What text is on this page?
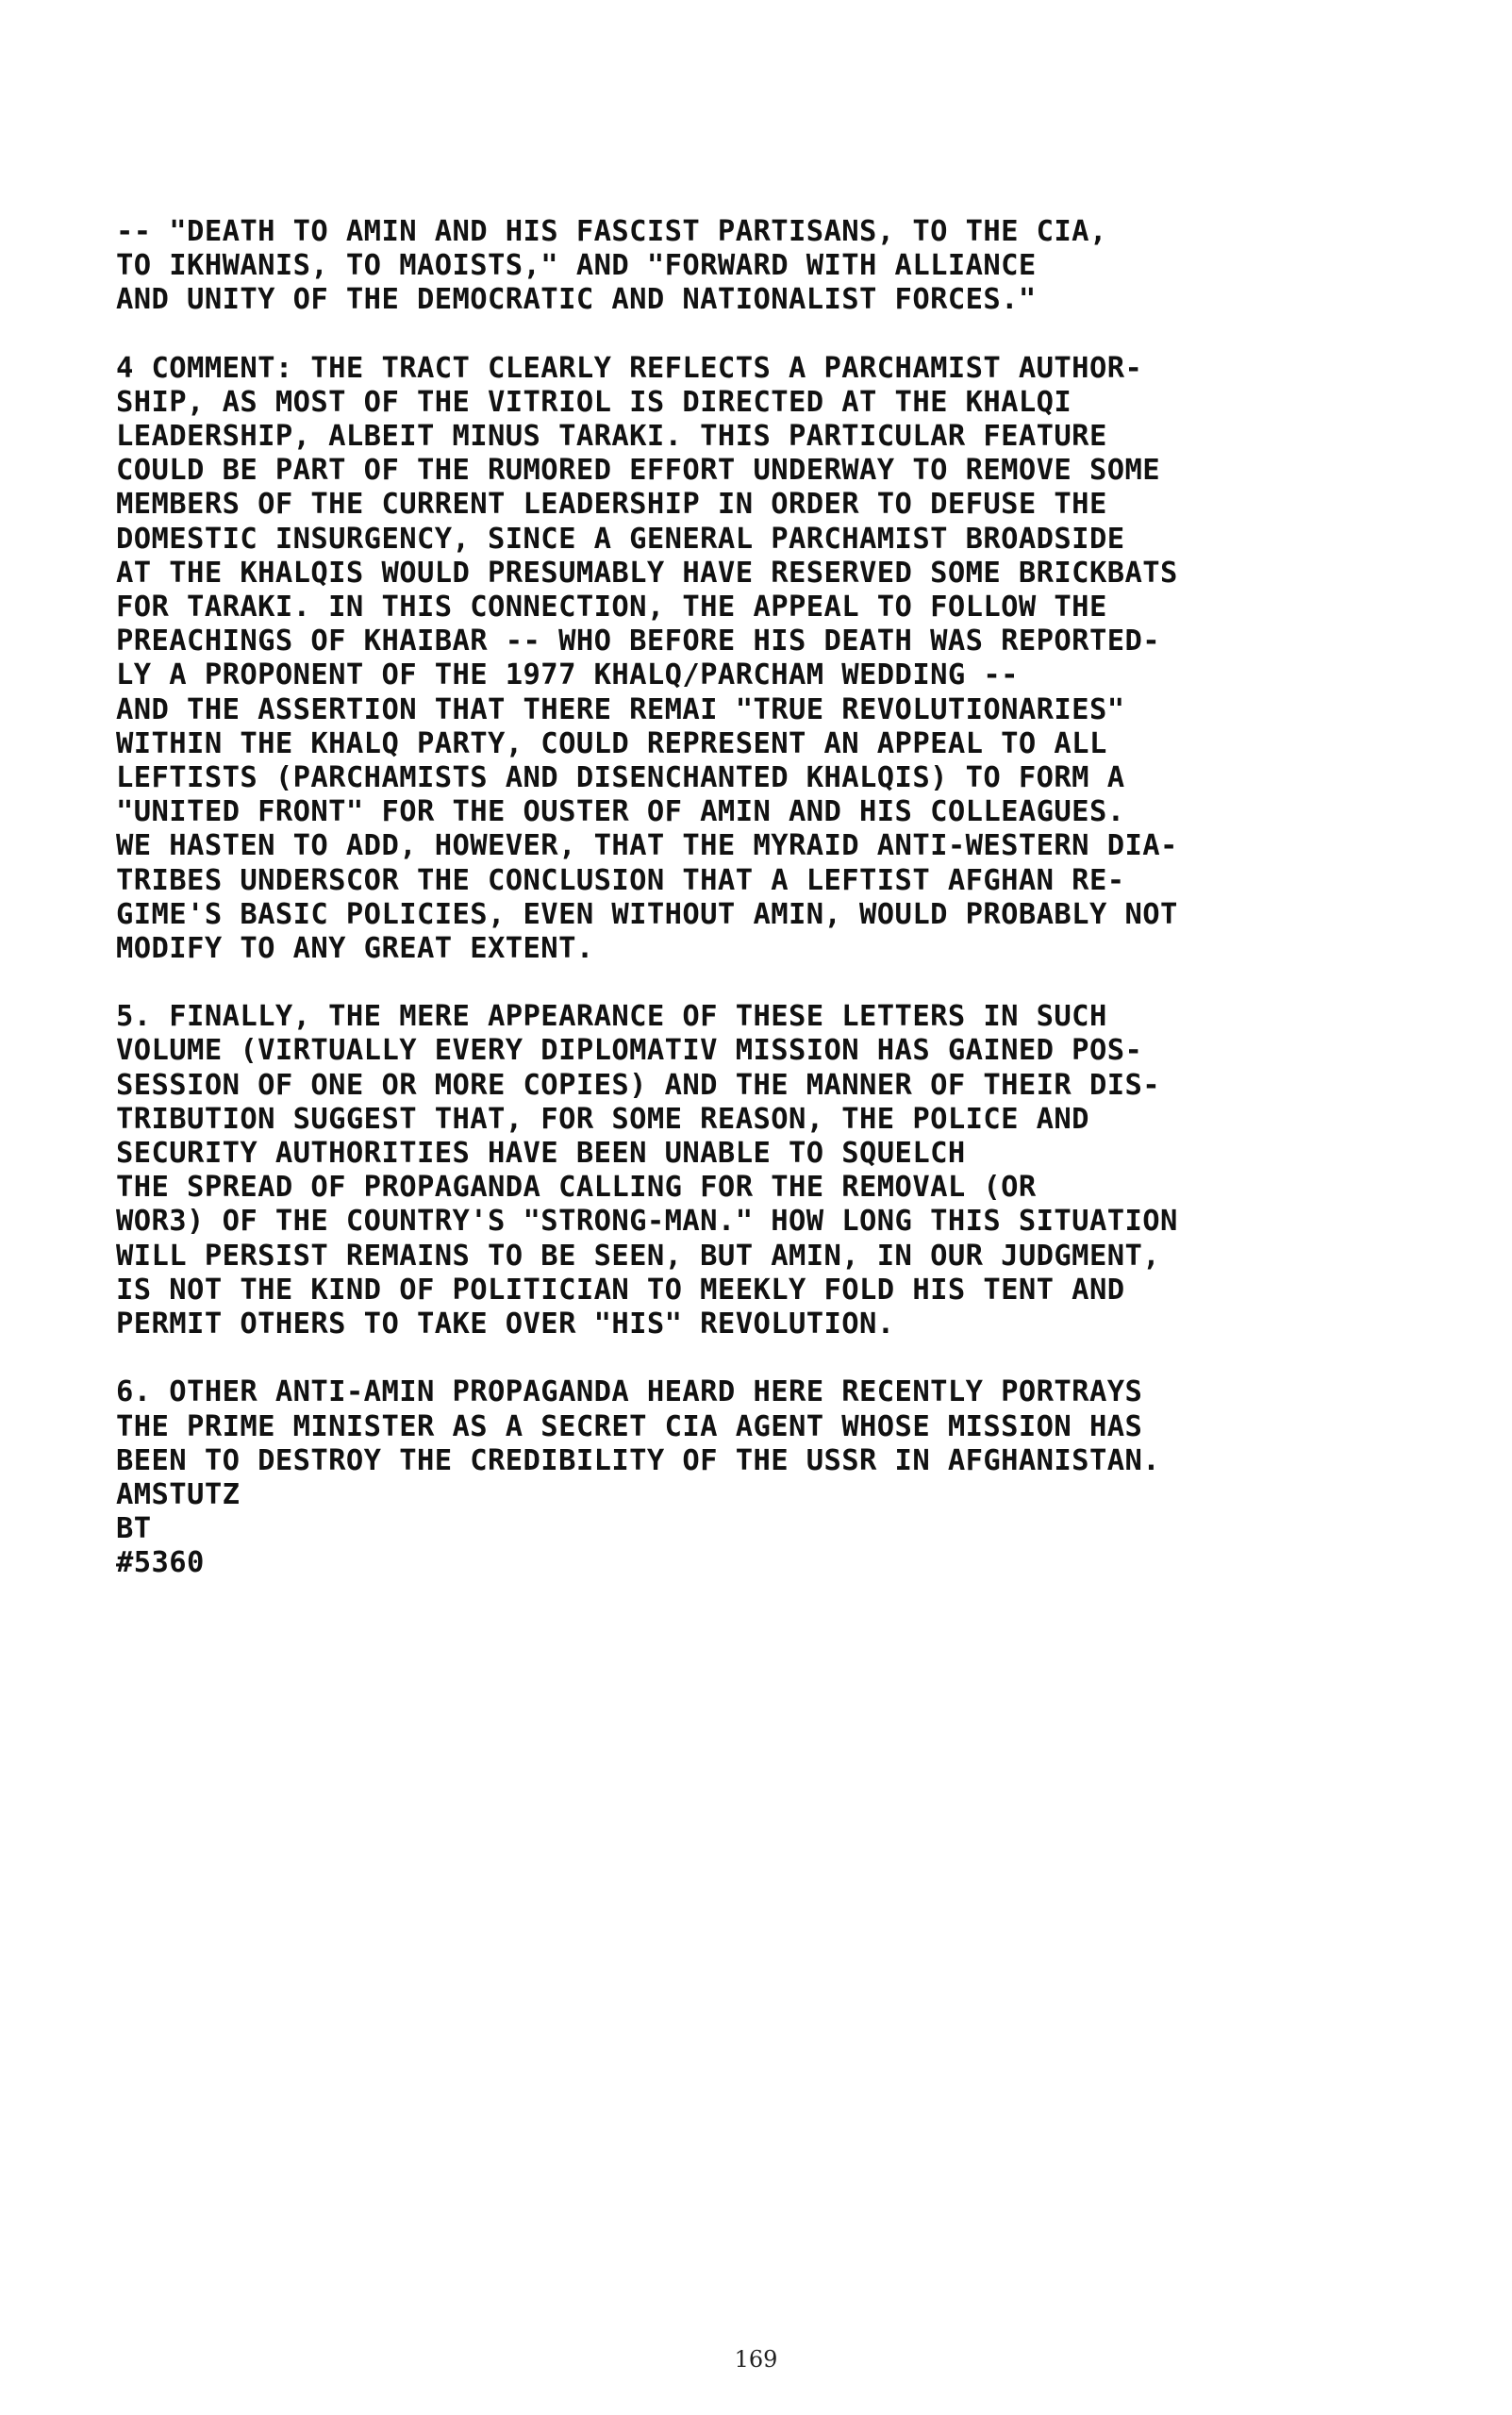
-- "DEATH TO AMIN AND HIS FASCIST PARTISANS, TO THE CIA,
TO IKHWANIS, TO MAOISTS," AND "FORWARD WITH ALLIANCE
AND UNITY OF THE DEMOCRATIC AND NATIONALIST FORCES."
4 COMMENT: THE TRACT CLEARLY REFLECTS A PARCHAMIST AUTHOR-
SHIP, AS MOST OF THE VITRIOL IS DIRECTED AT THE KHALQI
LEADERSHIP, ALBEIT MINUS TARAKI. THIS PARTICULAR FEATURE
COULD BE PART OF THE RUMORED EFFORT UNDERWAY TO REMOVE SOME
MEMBERS OF THE CURRENT LEADERSHIP IN ORDER TO DEFUSE THE
DOMESTIC INSURGENCY, SINCE A GENERAL PARCHAMIST BROADSIDE
AT THE KHALQIS WOULD PRESUMABLY HAVE RESERVED SOME BRICKBATS
FOR TARAKI. IN THIS CONNECTION, THE APPEAL TO FOLLOW THE
PREACHINGS OF KHAIBAR -- WHO BEFORE HIS DEATH WAS REPORTED-
LY A PROPONENT OF THE 1977 KHALQ/PARCHAM WEDDING --
AND THE ASSERTION THAT THERE REMAI "TRUE REVOLUTIONARIES"
WITHIN THE KHALQ PARTY, COULD REPRESENT AN APPEAL TO ALL
LEFTISTS (PARCHAMISTS AND DISENCHANTED KHALQIS) TO FORM A
"UNITED FRONT" FOR THE OUSTER OF AMIN AND HIS COLLEAGUES.
WE HASTEN TO ADD, HOWEVER, THAT THE MYRAID ANTI-WESTERN DIA-
TRIBES UNDERSCOR THE CONCLUSION THAT A LEFTIST AFGHAN RE-
GIME'S BASIC POLICIES, EVEN WITHOUT AMIN, WOULD PROBABLY NOT
MODIFY TO ANY GREAT EXTENT.
5. FINALLY, THE MERE APPEARANCE OF THESE LETTERS IN SUCH
VOLUME (VIRTUALLY EVERY DIPLOMATIV MISSION HAS GAINED POS-
SESSION OF ONE OR MORE COPIES) AND THE MANNER OF THEIR DIS-
TRIBUTION SUGGEST THAT, FOR SOME REASON, THE POLICE AND
SECURITY AUTHORITIES HAVE BEEN UNABLE TO SQUELCH
THE SPREAD OF PROPAGANDA CALLING FOR THE REMOVAL (OR
WOR3) OF THE COUNTRY'S "STRONG-MAN." HOW LONG THIS SITUATION
WILL PERSIST REMAINS TO BE SEEN, BUT AMIN, IN OUR JUDGMENT,
IS NOT THE KIND OF POLITICIAN TO MEEKLY FOLD HIS TENT AND
PERMIT OTHERS TO TAKE OVER "HIS" REVOLUTION.
6. OTHER ANTI-AMIN PROPAGANDA HEARD HERE RECENTLY PORTRAYS
THE PRIME MINISTER AS A SECRET CIA AGENT WHOSE MISSION HAS
BEEN TO DESTROY THE CREDIBILITY OF THE USSR IN AFGHANISTAN.
AMSTUTZ
BT
#5360
169
